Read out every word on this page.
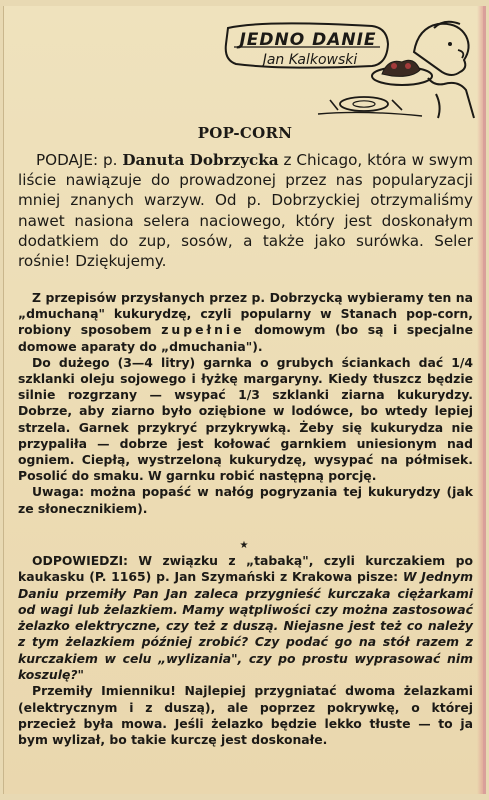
JEDNO DANIE
Jan Kalkowski
POP-CORN
PODAJE: p. Danuta Dobrzycka z Chicago, która w swym liście nawiązuje do prowadzonej przez nas popularyzacji mniej znanych warzyw. Od p. Dobrzyckiej otrzymaliśmy nawet nasiona selera naciowego, który jest doskonałym dodatkiem do zup, sosów, a także jako surówka. Seler rośnie! Dziękujemy.

Z przepisów przysłanych przez p. Dobrzycką wybieramy ten na „dmuchaną" kukurydzę, czyli popularny w Stanach pop-corn, robiony sposobem zupełnie domowym (bo są i specjalne domowe aparaty do „dmuchania").

Do dużego (3—4 litry) garnka o grubych ściankach dać 1/4 szklanki oleju sojowego i łyżkę margaryny. Kiedy tłuszcz będzie silnie rozgrzany — wsypać 1/3 szklanki ziarna kukurydzy. Dobrze, aby ziarno było oziębione w lodówce, bo wtedy lepiej strzela. Garnek przykryć przykrywką. Żeby się kukurydza nie przypaliła — dobrze jest kołować garnkiem uniesionym nad ogniem. Ciepłą, wystrzeloną kukurydzę, wysypać na półmisek. Posolić do smaku. W garnku robić następną porcję.

Uwaga: można popaść w nałóg pogryzania tej kukurydzy (jak ze słonecznikiem).

★

ODPOWIEDZI: W związku z „tabaką", czyli kurczakiem po kaukasku (P. 1165) p. Jan Szymański z Krakowa pisze: W Jednym Daniu przemiły Pan Jan zaleca przygnieść kurczaka ciężarkami od wagi lub żelazkiem. Mamy wątpliwości czy można zastosować żelazko elektryczne, czy też z duszą. Niejasne jest też co należy z tym żelazkiem później zrobić? Czy podać go na stół razem z kurczakiem w celu „wylizania", czy po prostu wyprasować nim koszulę?"

Przemiły Imienniku! Najlepiej przygniatać dwoma żelazkami (elektrycznym i z duszą), ale poprzez pokrywkę, o której przecież była mowa. Jeśli żelazko będzie lekko tłuste — to ja bym wylizał, bo takie kurczę jest doskonałe.
